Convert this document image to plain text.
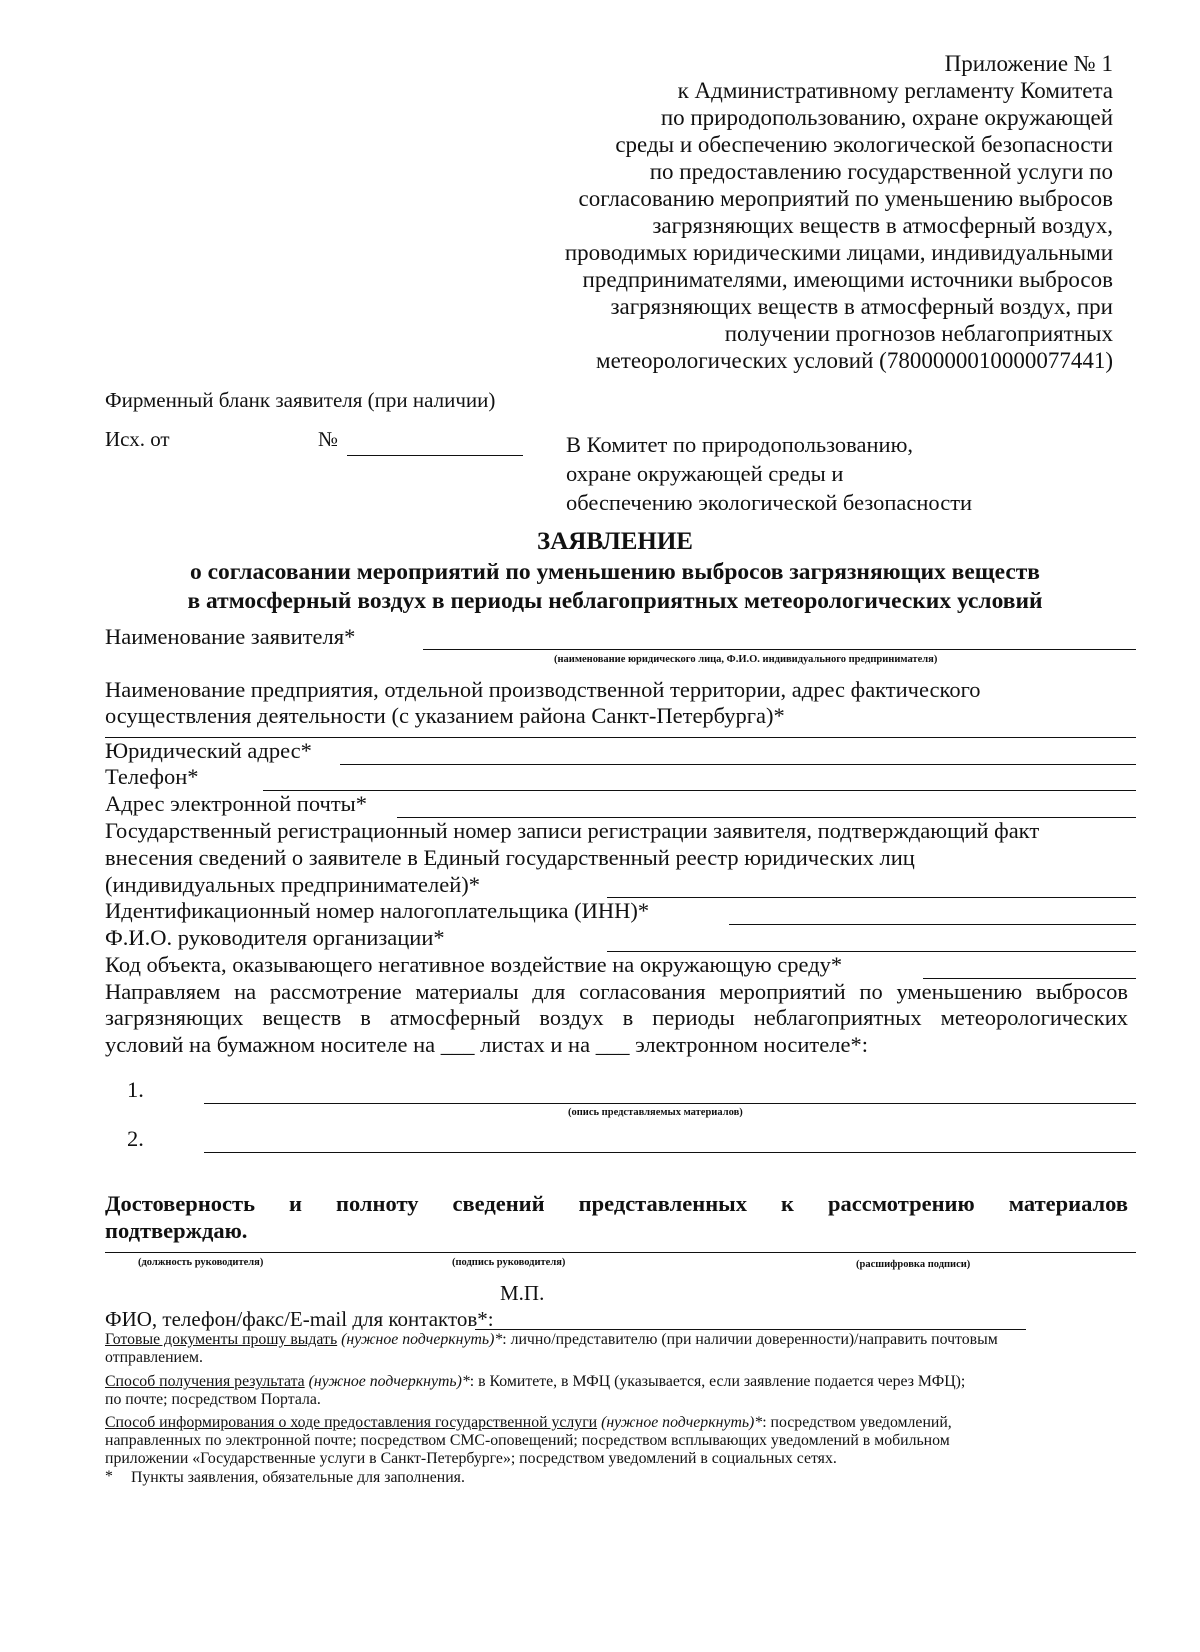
Приложение № 1
к Административному регламенту Комитета
по природопользованию, охране окружающей
среды и обеспечению экологической безопасности
по предоставлению государственной услуги по
согласованию мероприятий по уменьшению выбросов
загрязняющих веществ в атмосферный воздух,
проводимых юридическими лицами, индивидуальными
предпринимателями, имеющими источники выбросов
загрязняющих веществ в атмосферный воздух, при
получении прогнозов неблагоприятных
метеорологических условий (7800000010000077441)
Фирменный бланк заявителя (при наличии)
Исх. от	№	В Комитет по природопользованию,
охране окружающей среды и
обеспечению экологической безопасности
ЗАЯВЛЕНИЕ
о согласовании мероприятий по уменьшению выбросов загрязняющих веществ
в атмосферный воздух в периоды неблагоприятных метеорологических условий
Наименование заявителя*
(наименование юридического лица, Ф.И.О. индивидуального предпринимателя)
Наименование предприятия, отдельной производственной территории, адрес фактического
осуществления деятельности (с указанием района Санкт-Петербурга)*
Юридический адрес*
Телефон*
Адрес электронной почты*
Государственный регистрационный номер записи регистрации заявителя, подтверждающий факт
внесения сведений о заявителе в Единый государственный реестр юридических лиц
(индивидуальных предпринимателей)*
Идентификационный номер налогоплательщика (ИНН)*
Ф.И.О. руководителя организации*
Код объекта, оказывающего негативное воздействие на окружающую среду*
Направляем на рассмотрение материалы для согласования мероприятий по уменьшению выбросов
загрязняющих веществ в атмосферный воздух в периоды неблагоприятных метеорологических
условий на бумажном носителе на ___ листах и на ___ электронном носителе*:
1.
(опись представляемых материалов)
2.
Достоверность и полноту сведений представленных к рассмотрению материалов
подтверждаю.
(должность руководителя)	(подпись руководителя)	(расшифровка подписи)
М.П.
ФИО, телефон/факс/E-mail для контактов*:
Готовые документы прошу выдать (нужное подчеркнуть)*: лично/представителю (при наличии доверенности)/направить почтовым
отправлением.
Способ получения результата (нужное подчеркнуть)*: в Комитете, в МФЦ (указывается, если заявление подается через МФЦ);
по почте; посредством Портала.
Способ информирования о ходе предоставления государственной услуги (нужное подчеркнуть)*: посредством уведомлений,
направленных по электронной почте; посредством СМС-оповещений; посредством всплывающих уведомлений в мобильном
приложении «Государственные услуги в Санкт-Петербурге»; посредством уведомлений в социальных сетях.
* Пункты заявления, обязательные для заполнения.
